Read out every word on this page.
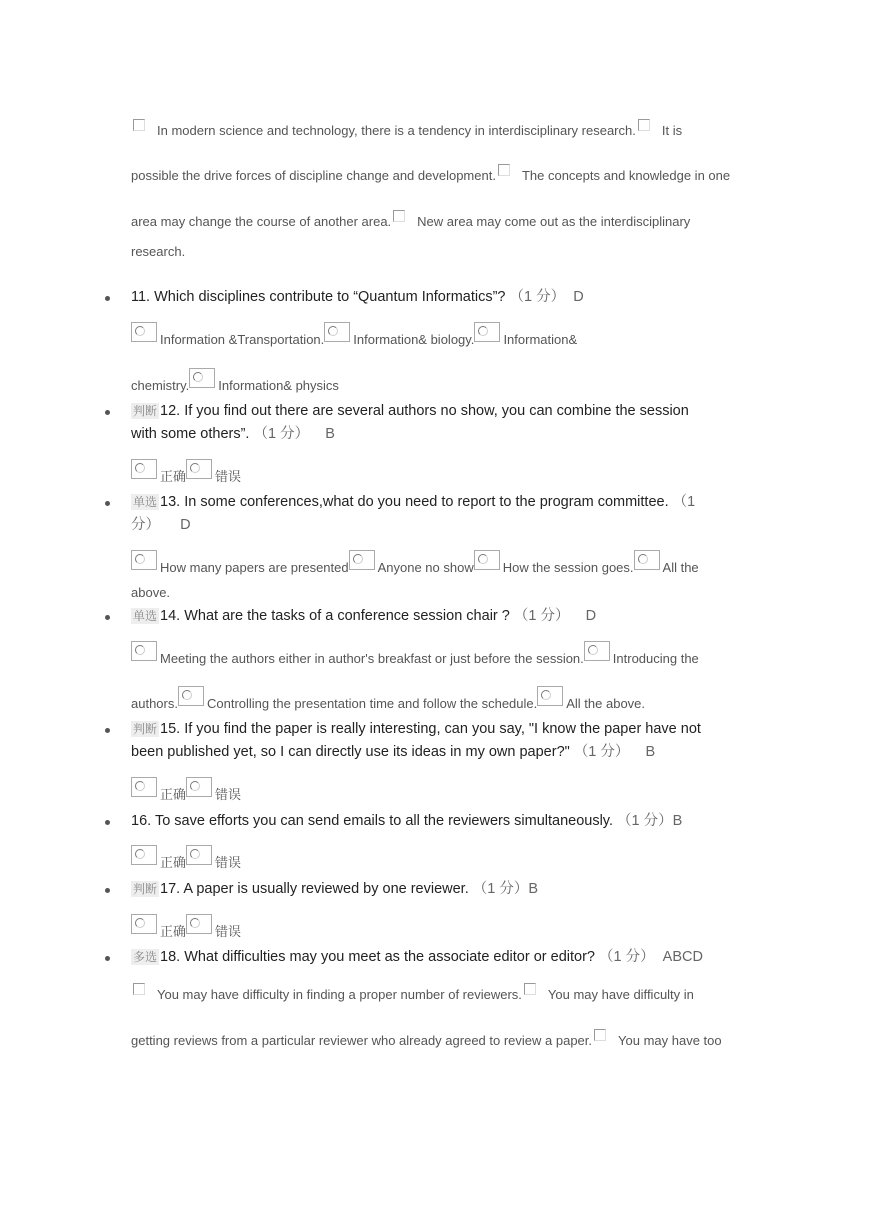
In modern science and technology, there is a tendency in interdisciplinary research. It is
possible the drive forces of discipline change and development. The concepts and knowledge in one
area may change the course of another area. New area may come out as the interdisciplinary
research.
11. Which disciplines contribute to “Quantum Informatics”? （1 分） D
Information &Transportation. Information& biology. Information&
chemistry. Information& physics
判断 12. If you find out there are several authors no show, you can combine the session
with some others”. （1 分） B
正确 错误
单选 13. In some conferences,what do you need to report to the program committee. （1
分） D
How many papers are presented Anyone no show How the session goes. All the
above.
单选 14. What are the tasks of a conference session chair ? （1 分） D
Meeting the authors either in author's breakfast or just before the session. Introducing the
authors. Controlling the presentation time and follow the schedule. All the above.
判断 15. If you find the paper is really interesting, can you say, "I know the paper have not
been published yet, so I can directly use its ideas in my own paper?" （1 分） B
正确 错误
16. To save efforts you can send emails to all the reviewers simultaneously. （1 分）B
正确 错误
判断 17. A paper is usually reviewed by one reviewer. （1 分）B
正确 错误
多选 18. What difficulties may you meet as the associate editor or editor? （1 分） ABCD
You may have difficulty in finding a proper number of reviewers. You may have difficulty in
getting reviews from a particular reviewer who already agreed to review a paper. You may have too
